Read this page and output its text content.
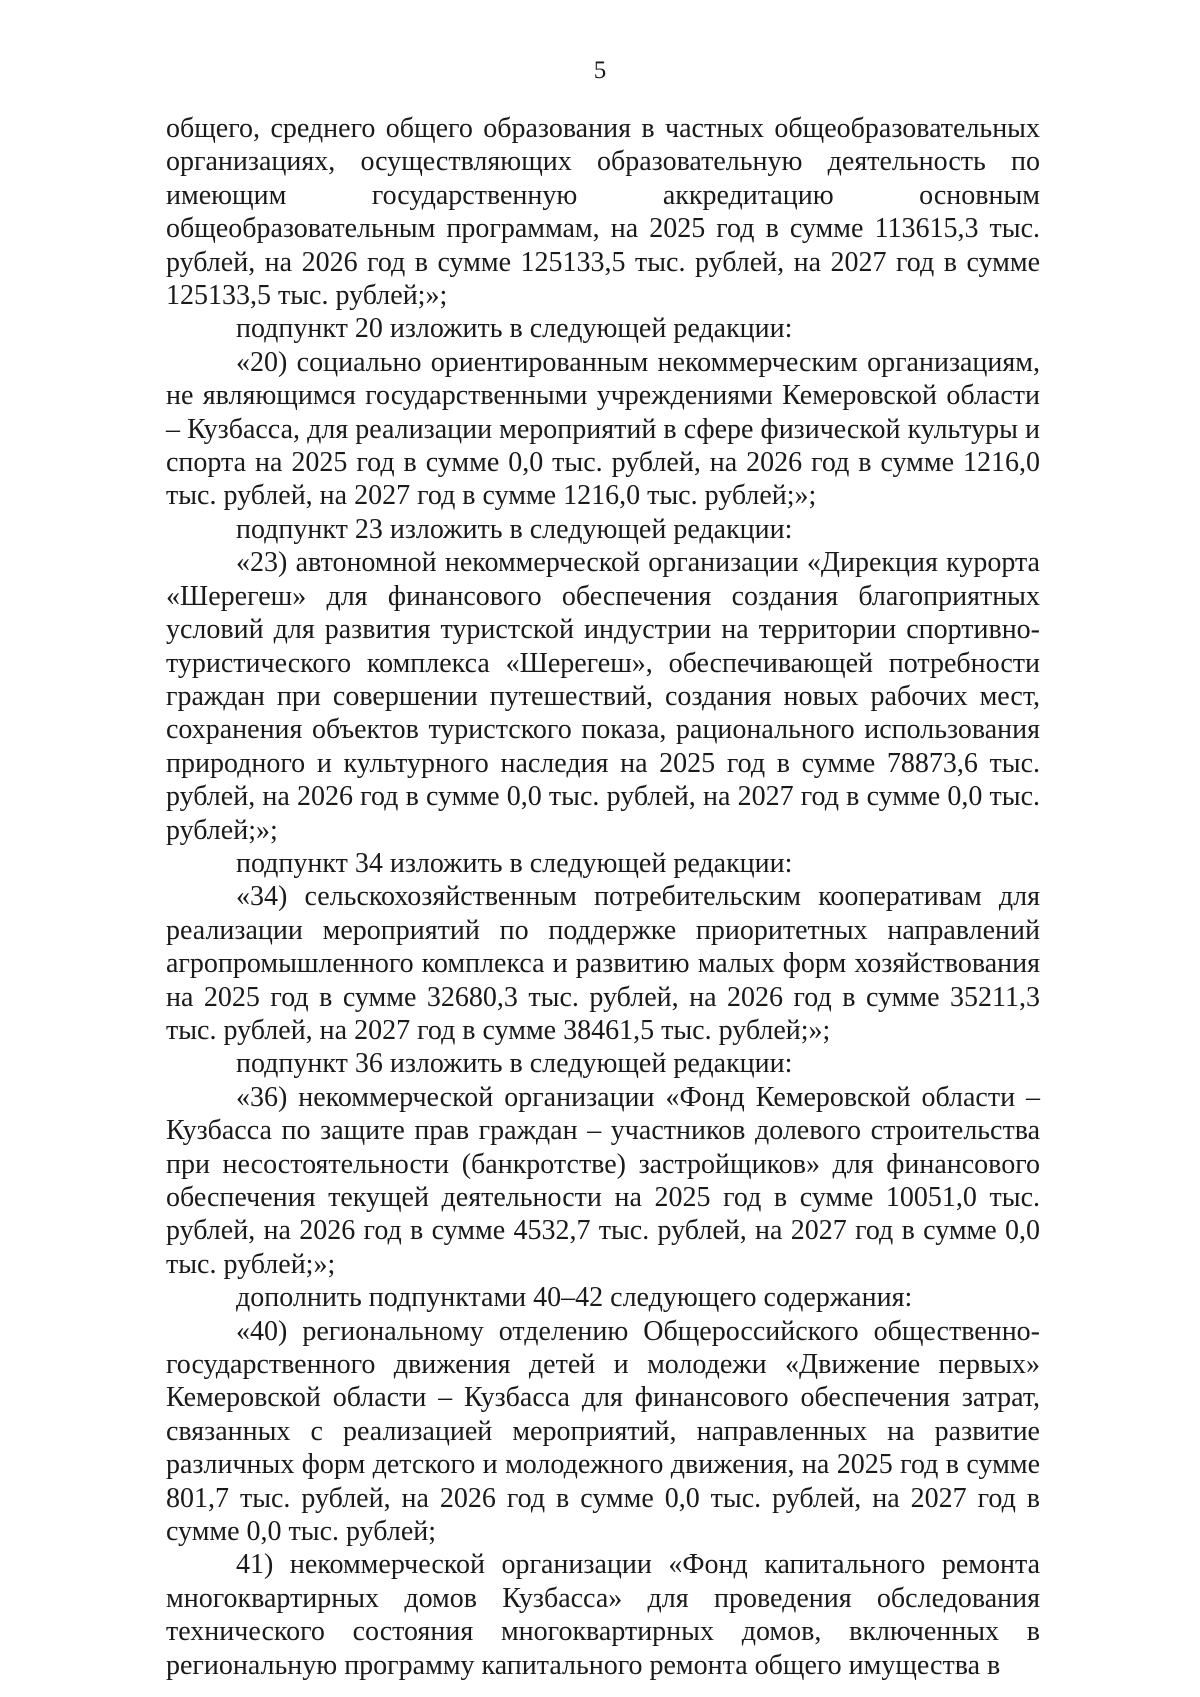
5

общего, среднего общего образования в частных общеобразовательных организациях, осуществляющих образовательную деятельность по имеющим государственную аккредитацию основным общеобразовательным программам, на 2025 год в сумме 113615,3 тыс. рублей, на 2026 год в сумме 125133,5 тыс. рублей, на 2027 год в сумме 125133,5 тыс. рублей;»;

подпункт 20 изложить в следующей редакции:

«20) социально ориентированным некоммерческим организациям, не являющимся государственными учреждениями Кемеровской области – Кузбасса, для реализации мероприятий в сфере физической культуры и спорта на 2025 год в сумме 0,0 тыс. рублей, на 2026 год в сумме 1216,0 тыс. рублей, на 2027 год в сумме 1216,0 тыс. рублей;»;

подпункт 23 изложить в следующей редакции:

«23) автономной некоммерческой организации «Дирекция курорта «Шерегеш» для финансового обеспечения создания благоприятных условий для развития туристской индустрии на территории спортивно-туристического комплекса «Шерегеш», обеспечивающей потребности граждан при совершении путешествий, создания новых рабочих мест, сохранения объектов туристского показа, рационального использования природного и культурного наследия на 2025 год в сумме 78873,6 тыс. рублей, на 2026 год в сумме 0,0 тыс. рублей, на 2027 год в сумме 0,0 тыс. рублей;»;

подпункт 34 изложить в следующей редакции:

«34) сельскохозяйственным потребительским кооперативам для реализации мероприятий по поддержке приоритетных направлений агропромышленного комплекса и развитию малых форм хозяйствования на 2025 год в сумме 32680,3 тыс. рублей, на 2026 год в сумме 35211,3 тыс. рублей, на 2027 год в сумме 38461,5 тыс. рублей;»;

подпункт 36 изложить в следующей редакции:

«36) некоммерческой организации «Фонд Кемеровской области – Кузбасса по защите прав граждан – участников долевого строительства при несостоятельности (банкротстве) застройщиков» для финансового обеспечения текущей деятельности на 2025 год в сумме 10051,0 тыс. рублей, на 2026 год в сумме 4532,7 тыс. рублей, на 2027 год в сумме 0,0 тыс. рублей;»;

дополнить подпунктами 40–42 следующего содержания:

«40) региональному отделению Общероссийского общественно-государственного движения детей и молодежи «Движение первых» Кемеровской области – Кузбасса для финансового обеспечения затрат, связанных с реализацией мероприятий, направленных на развитие различных форм детского и молодежного движения, на 2025 год в сумме 801,7 тыс. рублей, на 2026 год в сумме 0,0 тыс. рублей, на 2027 год в сумме 0,0 тыс. рублей;

41) некоммерческой организации «Фонд капитального ремонта многоквартирных домов Кузбасса» для проведения обследования технического состояния многоквартирных домов, включенных в региональную программу капитального ремонта общего имущества в
